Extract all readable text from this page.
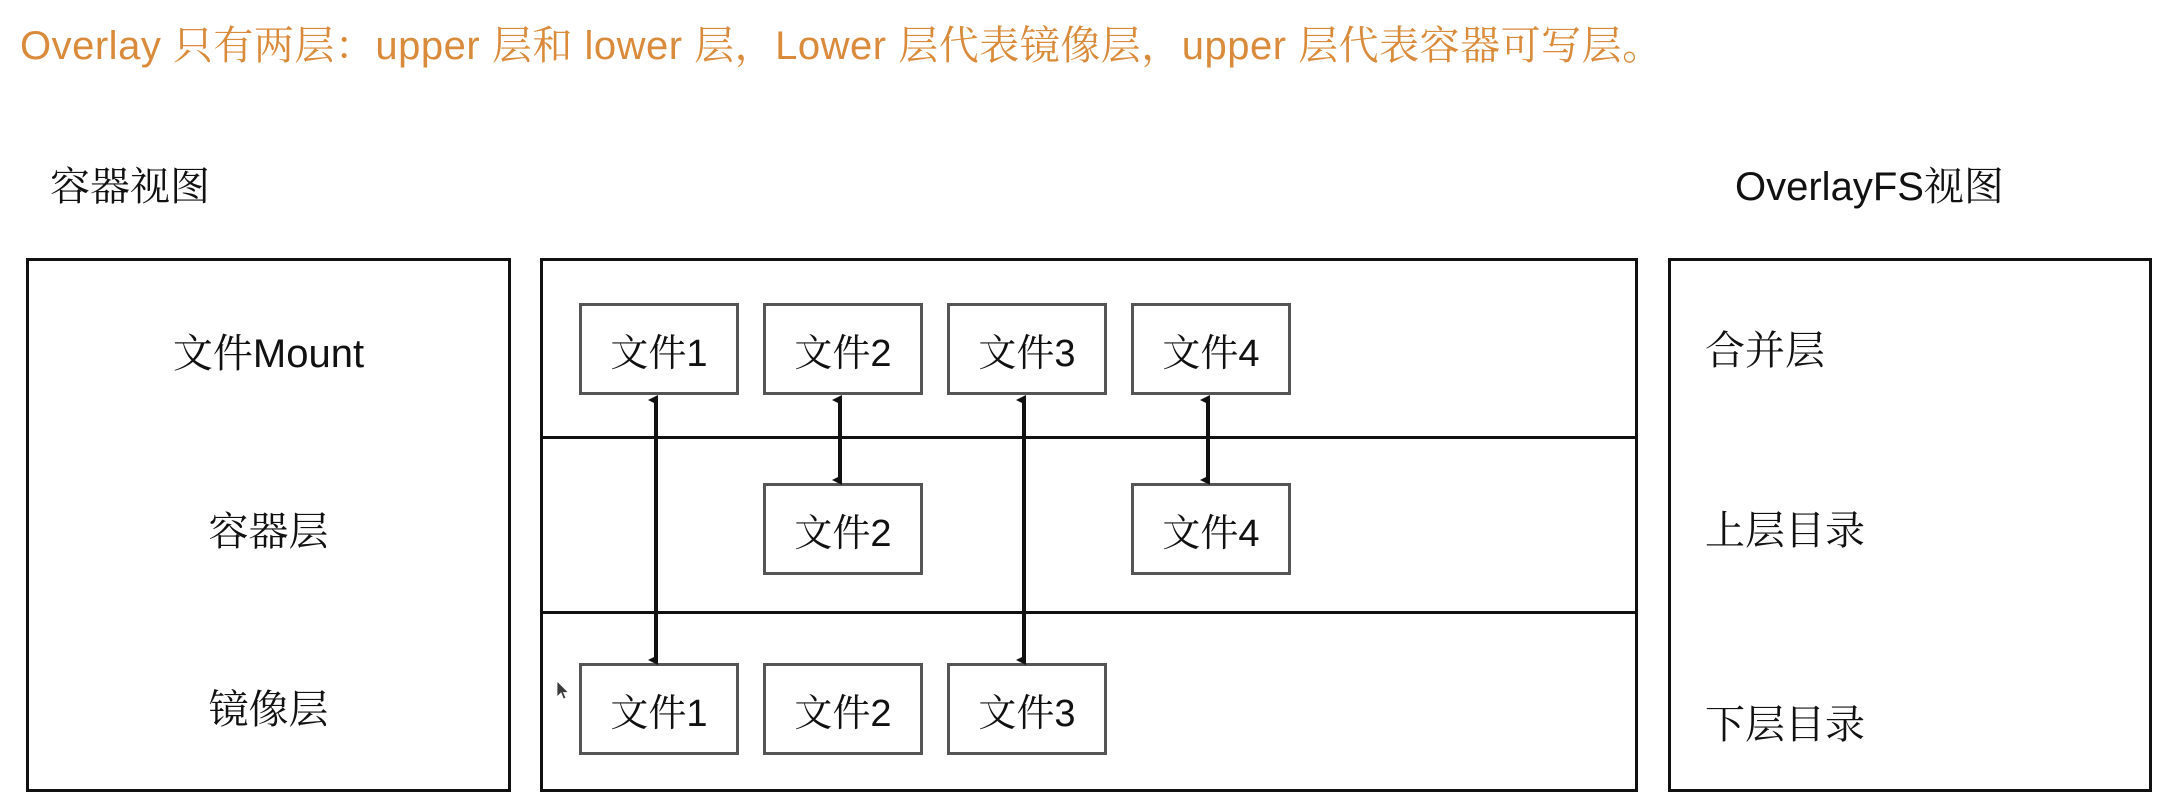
Overlay 只有两层：upper 层和 lower 层，Lower 层代表镜像层，upper 层代表容器可写层。
容器视图	OverlayFS视图
文件Mount
容器层
镜像层
文件1 文件2 文件3 文件4
文件2	文件4
文件1 文件2 文件3
合并层
上层目录
下层目录
